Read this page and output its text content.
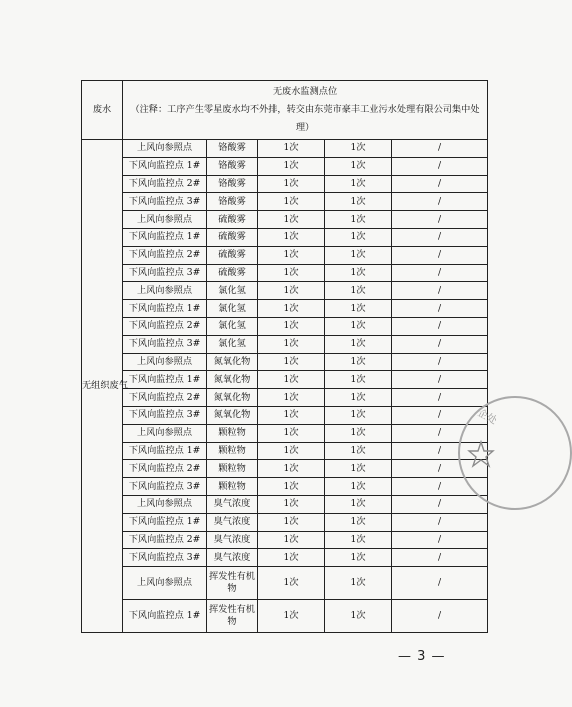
废水	无废水监测点位
（注释：工序产生零星废水均不外排，转交由东莞市豪丰工业污水处理有限公司集中处理）				

无组织废气	上风向参照点	铬酸雾	1次	1次	/
	下风向监控点 1#	铬酸雾	1次	1次	/
	下风向监控点 2#	铬酸雾	1次	1次	/
	下风向监控点 3#	铬酸雾	1次	1次	/
	上风向参照点	硫酸雾	1次	1次	/
	下风向监控点 1#	硫酸雾	1次	1次	/
	下风向监控点 2#	硫酸雾	1次	1次	/
	下风向监控点 3#	硫酸雾	1次	1次	/
	上风向参照点	氯化氢	1次	1次	/
	下风向监控点 1#	氯化氢	1次	1次	/
	下风向监控点 2#	氯化氢	1次	1次	/
	下风向监控点 3#	氯化氢	1次	1次	/
	上风向参照点	氮氧化物	1次	1次	/
	下风向监控点 1#	氮氧化物	1次	1次	/
	下风向监控点 2#	氮氧化物	1次	1次	/
	下风向监控点 3#	氮氧化物	1次	1次	/
	上风向参照点	颗粒物	1次	1次	/
	下风向监控点 1#	颗粒物	1次	1次	/
	下风向监控点 2#	颗粒物	1次	1次	/
	下风向监控点 3#	颗粒物	1次	1次	/
	上风向参照点	臭气浓度	1次	1次	/
	下风向监控点 1#	臭气浓度	1次	1次	/
	下风向监控点 2#	臭气浓度	1次	1次	/
	下风向监控点 3#	臭气浓度	1次	1次	/
	上风向参照点	挥发性有机物	1次	1次	/
	下风向监控点 1#	挥发性有机物	1次	1次	/
企处
— 3 —
